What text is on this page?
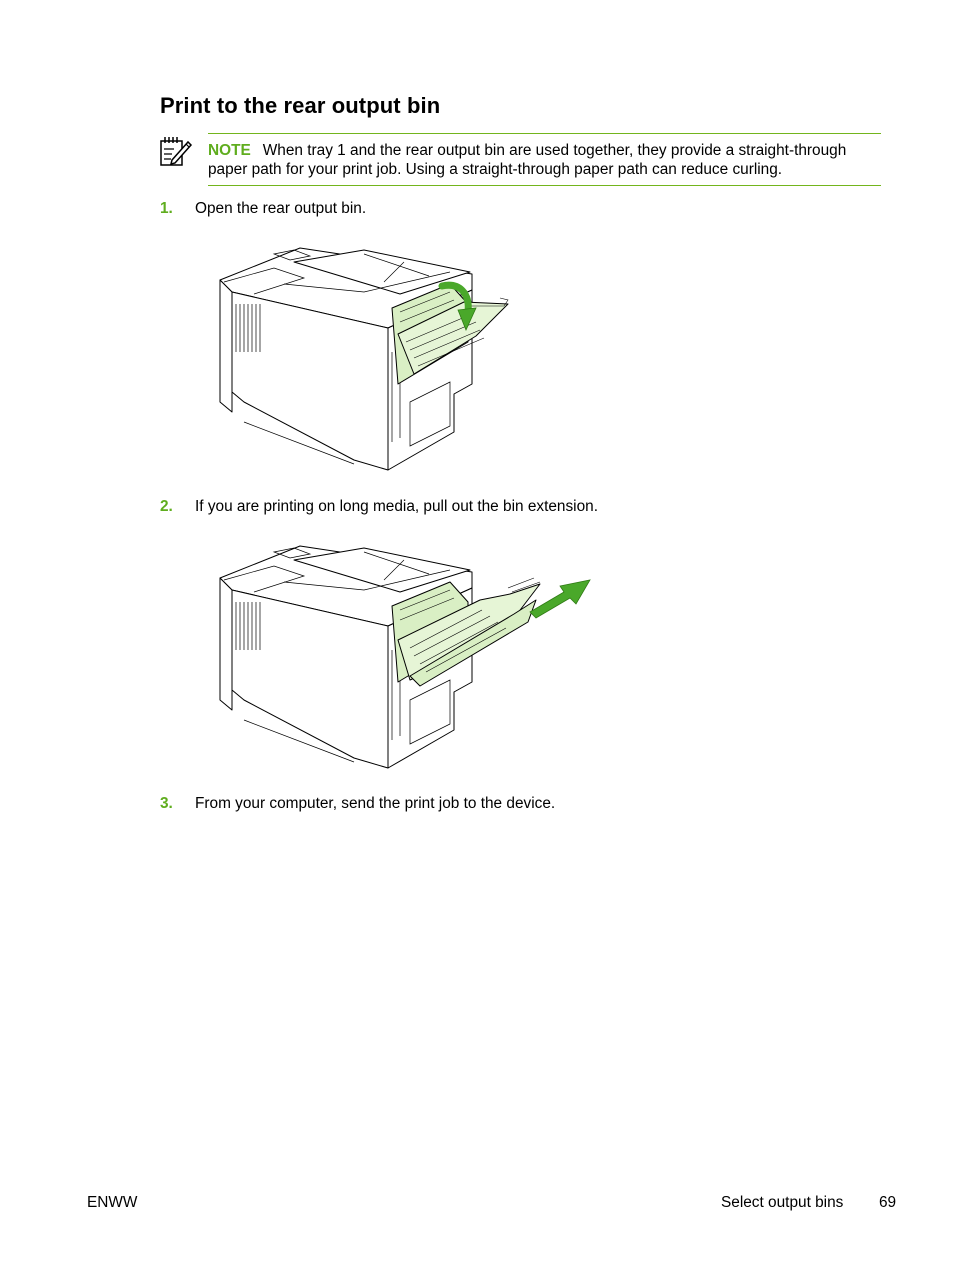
Print to the rear output bin
NOTE When tray 1 and the rear output bin are used together, they provide a straight-through paper path for your print job. Using a straight-through paper path can reduce curling.
1. Open the rear output bin.
2. If you are printing on long media, pull out the bin extension.
3. From your computer, send the print job to the device.
ENWW	Select output bins 69
